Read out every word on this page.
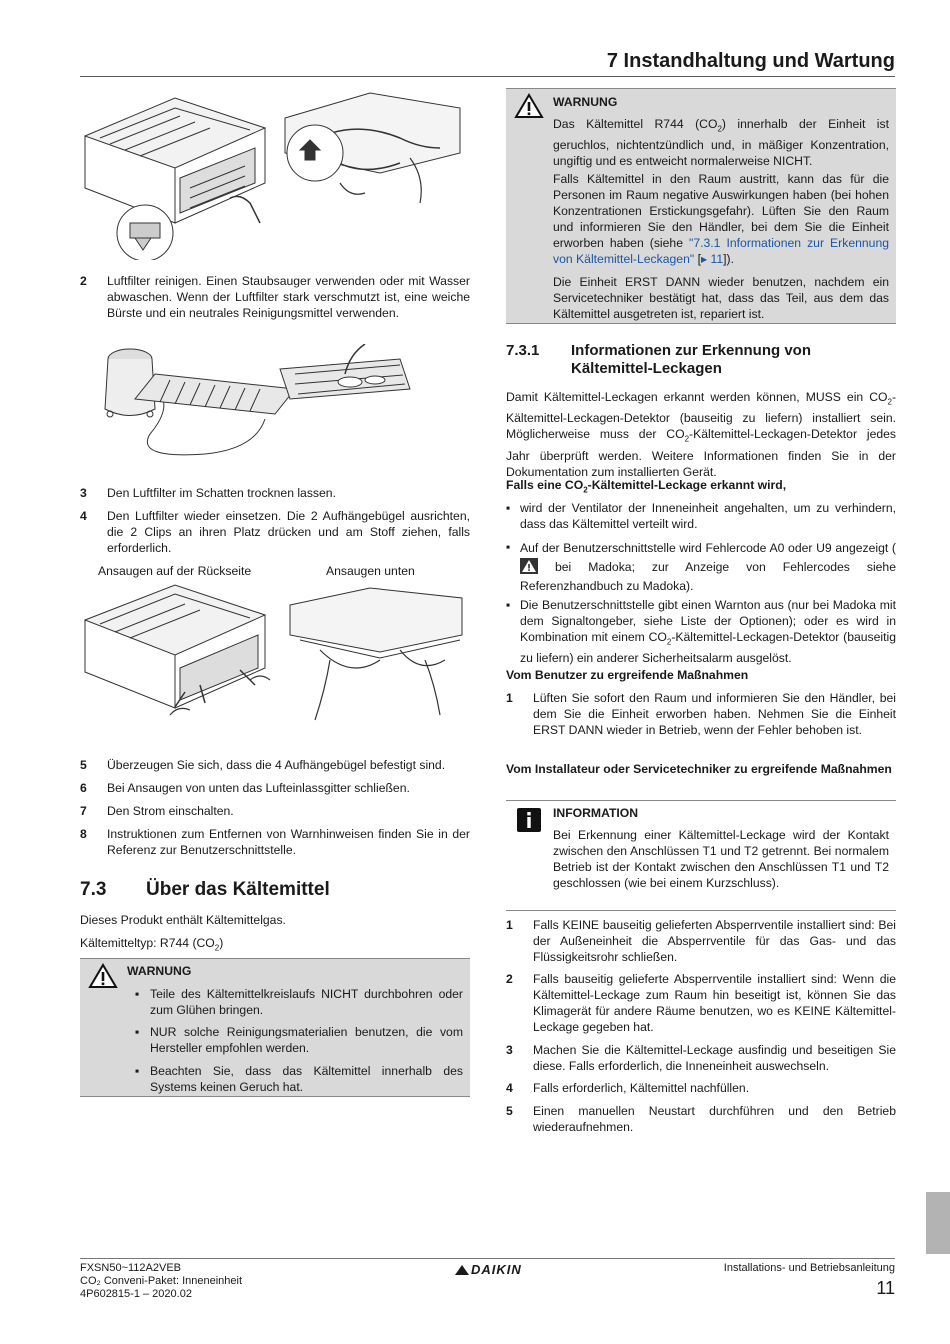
7 Instandhaltung und Wartung
2	Luftfilter reinigen. Einen Staubsauger verwenden oder mit Wasser abwaschen. Wenn der Luftfilter stark verschmutzt ist, eine weiche Bürste und ein neutrales Reinigungsmittel verwenden.
3	Den Luftfilter im Schatten trocknen lassen.
4	Den Luftfilter wieder einsetzen. Die 2 Aufhängebügel ausrichten, die 2 Clips an ihren Platz drücken und am Stoff ziehen, falls erforderlich.
Ansaugen auf der Rückseite	Ansaugen unten
5	Überzeugen Sie sich, dass die 4 Aufhängebügel befestigt sind.
6	Bei Ansaugen von unten das Lufteinlassgitter schließen.
7	Den Strom einschalten.
8	Instruktionen zum Entfernen von Warnhinweisen finden Sie in der Referenz zur Benutzerschnittstelle.
7.3 Über das Kältemittel
Dieses Produkt enthält Kältemittelgas.
Kältemitteltyp: R744 $(CO_2)$
WARNUNG
▪ Teile des Kältemittelkreislaufs NICHT durchbohren oder zum Glühen bringen.
▪ NUR solche Reinigungsmaterialien benutzen, die vom Hersteller empfohlen werden.
▪ Beachten Sie, dass das Kältemittel innerhalb des Systems keinen Geruch hat.
WARNUNG
Das Kältemittel R744 $(CO_2)$ innerhalb der Einheit ist geruchlos, nichtentzündlich und, in mäßiger Konzentration, ungiftig und es entweicht normalerweise NICHT.
Falls Kältemittel in den Raum austritt, kann das für die Personen im Raum negative Auswirkungen haben (bei hohen Konzentrationen Erstickungsgefahr). Lüften Sie den Raum und informieren Sie den Händler, bei dem Sie die Einheit erworben haben (siehe "7.3.1 Informationen zur Erkennung von Kältemittel-Leckagen" [▸ 11]).
Die Einheit ERST DANN wieder benutzen, nachdem ein Servicetechniker bestätigt hat, dass das Teil, aus dem das Kältemittel ausgetreten ist, repariert ist.
7.3.1 Informationen zur Erkennung von Kältemittel-Leckagen
Damit Kältemittel-Leckagen erkannt werden können, MUSS ein $CO_2-Kältemittel-Leckagen$-Detektor (bauseitig zu liefern) installiert sein. Möglicherweise muss der $CO_2-Kältemittel-Leckagen$-Detektor jedes Jahr überprüft werden. Weitere Informationen finden Sie in der Dokumentation zum installierten Gerät.
Falls eine $CO_2-Kältemittel$-Leckage erkannt wird,
▪ wird der Ventilator der Inneneinheit angehalten, um zu verhindern, dass das Kältemittel verteilt wird.
▪ Auf der Benutzerschnittstelle wird Fehlercode A0 oder U9 angezeigt (
bei Madoka; zur Anzeige von Fehlercodes siehe Referenzhandbuch zu Madoka).
▪ Die Benutzerschnittstelle gibt einen Warnton aus (nur bei Madoka mit dem Signaltongeber, siehe Liste der Optionen); oder es wird in Kombination mit einem $CO_2-Kältemittel-Leckagen$-Detektor (bauseitig zu liefern) ein anderer Sicherheitsalarm ausgelöst.
Vom Benutzer zu ergreifende Maßnahmen
1	Lüften Sie sofort den Raum und informieren Sie den Händler, bei dem Sie die Einheit erworben haben. Nehmen Sie die Einheit ERST DANN wieder in Betrieb, wenn der Fehler behoben ist.
Vom Installateur oder Servicetechniker zu ergreifende Maßnahmen
INFORMATION
Bei Erkennung einer Kältemittel-Leckage wird der Kontakt zwischen den Anschlüssen T1 und T2 getrennt. Bei normalem Betrieb ist der Kontakt zwischen den Anschlüssen T1 und T2 geschlossen (wie bei einem Kurzschluss).
1	Falls KEINE bauseitig gelieferten Absperrventile installiert sind: Bei der Außeneinheit die Absperrventile für das Gas- und das Flüssigkeitsrohr schließen.
2	Falls bauseitig gelieferte Absperrventile installiert sind: Wenn die Kältemittel-Leckage zum Raum hin beseitigt ist, können Sie das Klimagerät für andere Räume benutzen, wo es KEINE Kältemittel-Leckage gegeben hat.
3	Machen Sie die Kältemittel-Leckage ausfindig und beseitigen Sie diese. Falls erforderlich, die Inneneinheit auswechseln.
4	Falls erforderlich, Kältemittel nachfüllen.
5	Einen manuellen Neustart durchführen und den Betrieb wiederaufnehmen.
FXSN50~112A2VEB
CO₂ Conveni-Paket: Inneneinheit
4P602815-1 – 2020.02
DAIKIN	Installations- und Betriebsanleitung
11
